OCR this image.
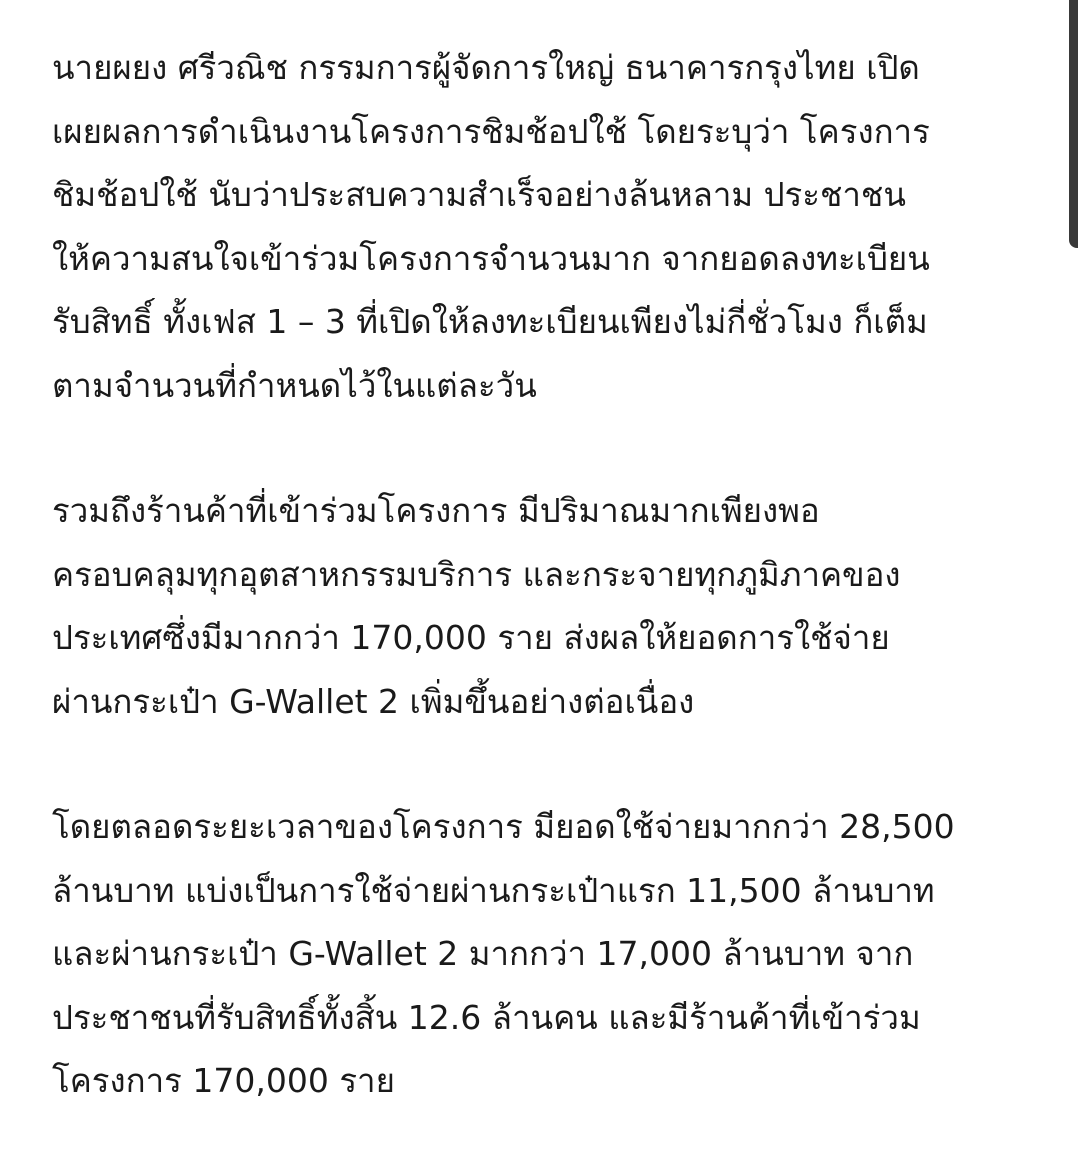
นายผยง ศรีวณิช กรรมการผู้จัดการใหญ่ ธนาคารกรุงไทย เปิด
เผยผลการดำเนินงานโครงการชิมช้อปใช้ โดยระบุว่า โครงการ
ชิมช้อปใช้ นับว่าประสบความสำเร็จอย่างล้นหลาม ประชาชน
ให้ความสนใจเข้าร่วมโครงการจำนวนมาก จากยอดลงทะเบียน
รับสิทธิ์ ทั้งเฟส 1 – 3 ที่เปิดให้ลงทะเบียนเพียงไม่กี่ชั่วโมง ก็เต็ม
ตามจำนวนที่กำหนดไว้ในแต่ละวัน
รวมถึงร้านค้าที่เข้าร่วมโครงการ มีปริมาณมากเพียงพอ
ครอบคลุมทุกอุตสาหกรรมบริการ และกระจายทุกภูมิภาคของ
ประเทศซึ่งมีมากกว่า 170,000 ราย ส่งผลให้ยอดการใช้จ่าย
ผ่านกระเป๋า G-Wallet 2 เพิ่มขึ้นอย่างต่อเนื่อง
โดยตลอดระยะเวลาของโครงการ มียอดใช้จ่ายมากกว่า 28,500
ล้านบาท แบ่งเป็นการใช้จ่ายผ่านกระเป๋าแรก 11,500 ล้านบาท
และผ่านกระเป๋า G-Wallet 2 มากกว่า 17,000 ล้านบาท จาก
ประชาชนที่รับสิทธิ์ทั้งสิ้น 12.6 ล้านคน และมีร้านค้าที่เข้าร่วม
โครงการ 170,000 ราย
